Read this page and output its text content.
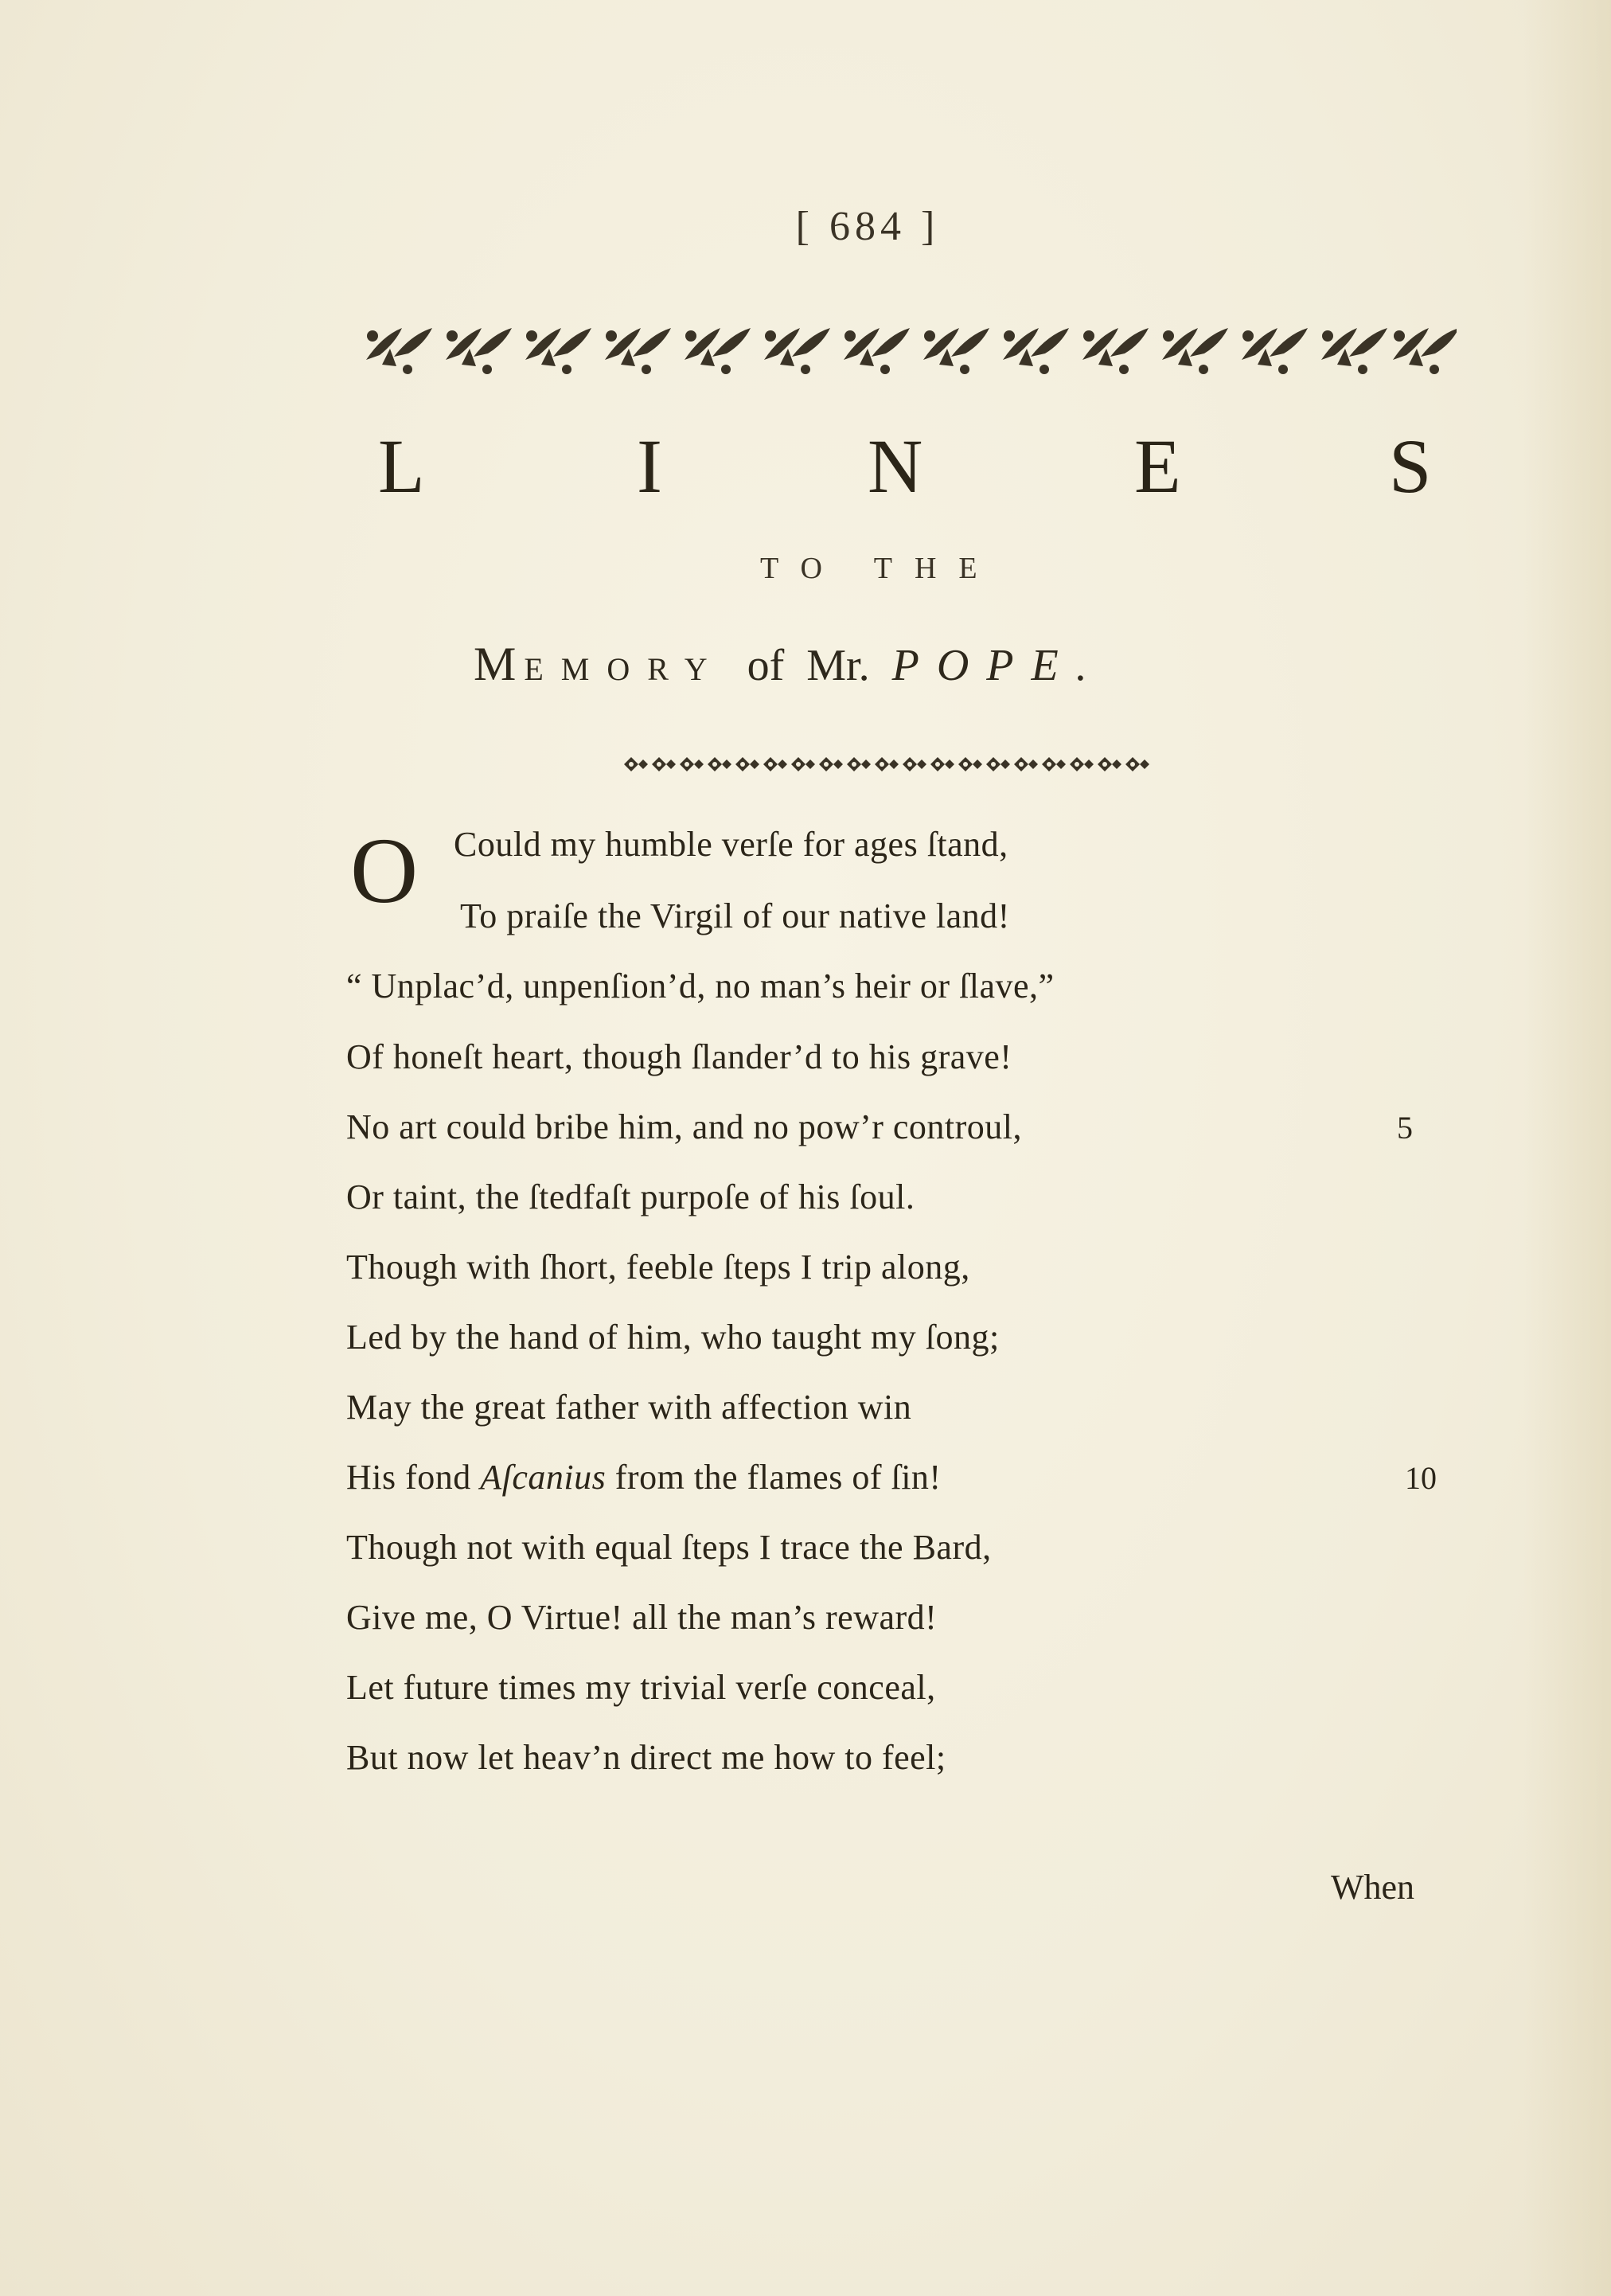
[ 684 ]
L	I	N	E	S
TO THE
MEMORY of Mr. POPE.
O Could my humble verſe for ages ſtand,
To praiſe the Virgil of our native land!
“ Unplac’d, unpenſion’d, no man’s heir or ſlave,”
Of honeſt heart, though ſlander’d to his grave!
No art could bribe him, and no pow’r controul,
Or taint, the ſtedfaſt purpoſe of his ſoul.
Though with ſhort, feeble ſteps I trip along,
Led by the hand of him, who taught my ſong;
May the great father with affection win
His fond Aſcanius from the flames of ſin!
Though not with equal ſteps I trace the Bard,
Give me, O Virtue! all the man’s reward!
Let future times my trivial verſe conceal,
But now let heav’n direct me how to feel;
5
10
When
